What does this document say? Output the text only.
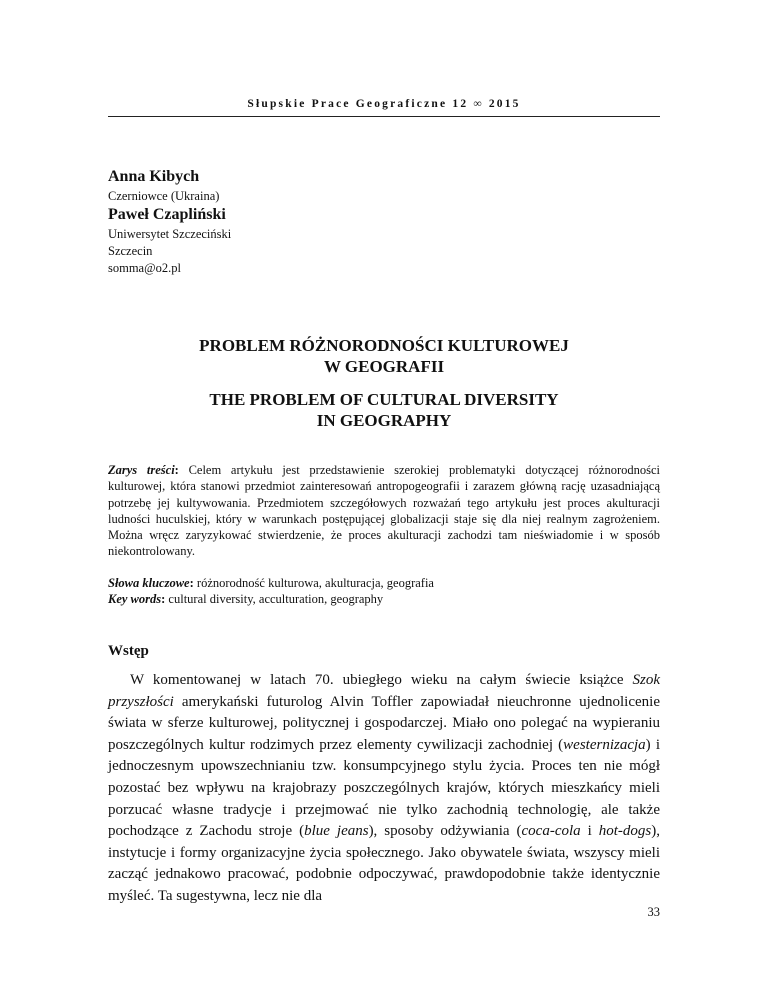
Słupskie Prace Geograficzne 12 ∞ 2015
Anna Kibych
Czerniowce (Ukraina)
Paweł Czapliński
Uniwersytet Szczeciński
Szczecin
somma@o2.pl
PROBLEM RÓŻNORODNOŚCI KULTUROWEJ
W GEOGRAFII
THE PROBLEM OF CULTURAL DIVERSITY
IN GEOGRAPHY

Zarys treści: Celem artykułu jest przedstawienie szerokiej problematyki dotyczącej różnorodności kulturowej, która stanowi przedmiot zainteresowań antropogeografii i zarazem główną rację uzasadniającą potrzebę jej kultywowania. Przedmiotem szczegółowych rozważań tego artykułu jest proces akulturacji ludności huculskiej, który w warunkach postępującej globalizacji staje się dla niej realnym zagrożeniem. Można wręcz zaryzykować stwierdzenie, że proces akulturacji zachodzi tam nieświadomie i w sposób niekontrolowany.

Słowa kluczowe: różnorodność kulturowa, akulturacja, geografia
Key words: cultural diversity, acculturation, geography
Wstęp

W komentowanej w latach 70. ubiegłego wieku na całym świecie książce Szok przyszłości amerykański futurolog Alvin Toffler zapowiadał nieuchronne ujednolicenie świata w sferze kulturowej, politycznej i gospodarczej. Miało ono polegać na wypieraniu poszczególnych kultur rodzimych przez elementy cywilizacji zachodniej (westernizacja) i jednoczesnym upowszechnianiu tzw. konsumpcyjnego stylu życia. Proces ten nie mógł pozostać bez wpływu na krajobrazy poszczególnych krajów, których mieszkańcy mieli porzucać własne tradycje i przejmować nie tylko zachodnią technologię, ale także pochodzące z Zachodu stroje (blue jeans), sposoby odżywiania (coca-cola i hot-dogs), instytucje i formy organizacyjne życia społecznego. Jako obywatele świata, wszyscy mieli zacząć jednakowo pracować, podobnie odpoczywać, prawdopodobnie także identycznie myśleć. Ta sugestywna, lecz nie dla

33
